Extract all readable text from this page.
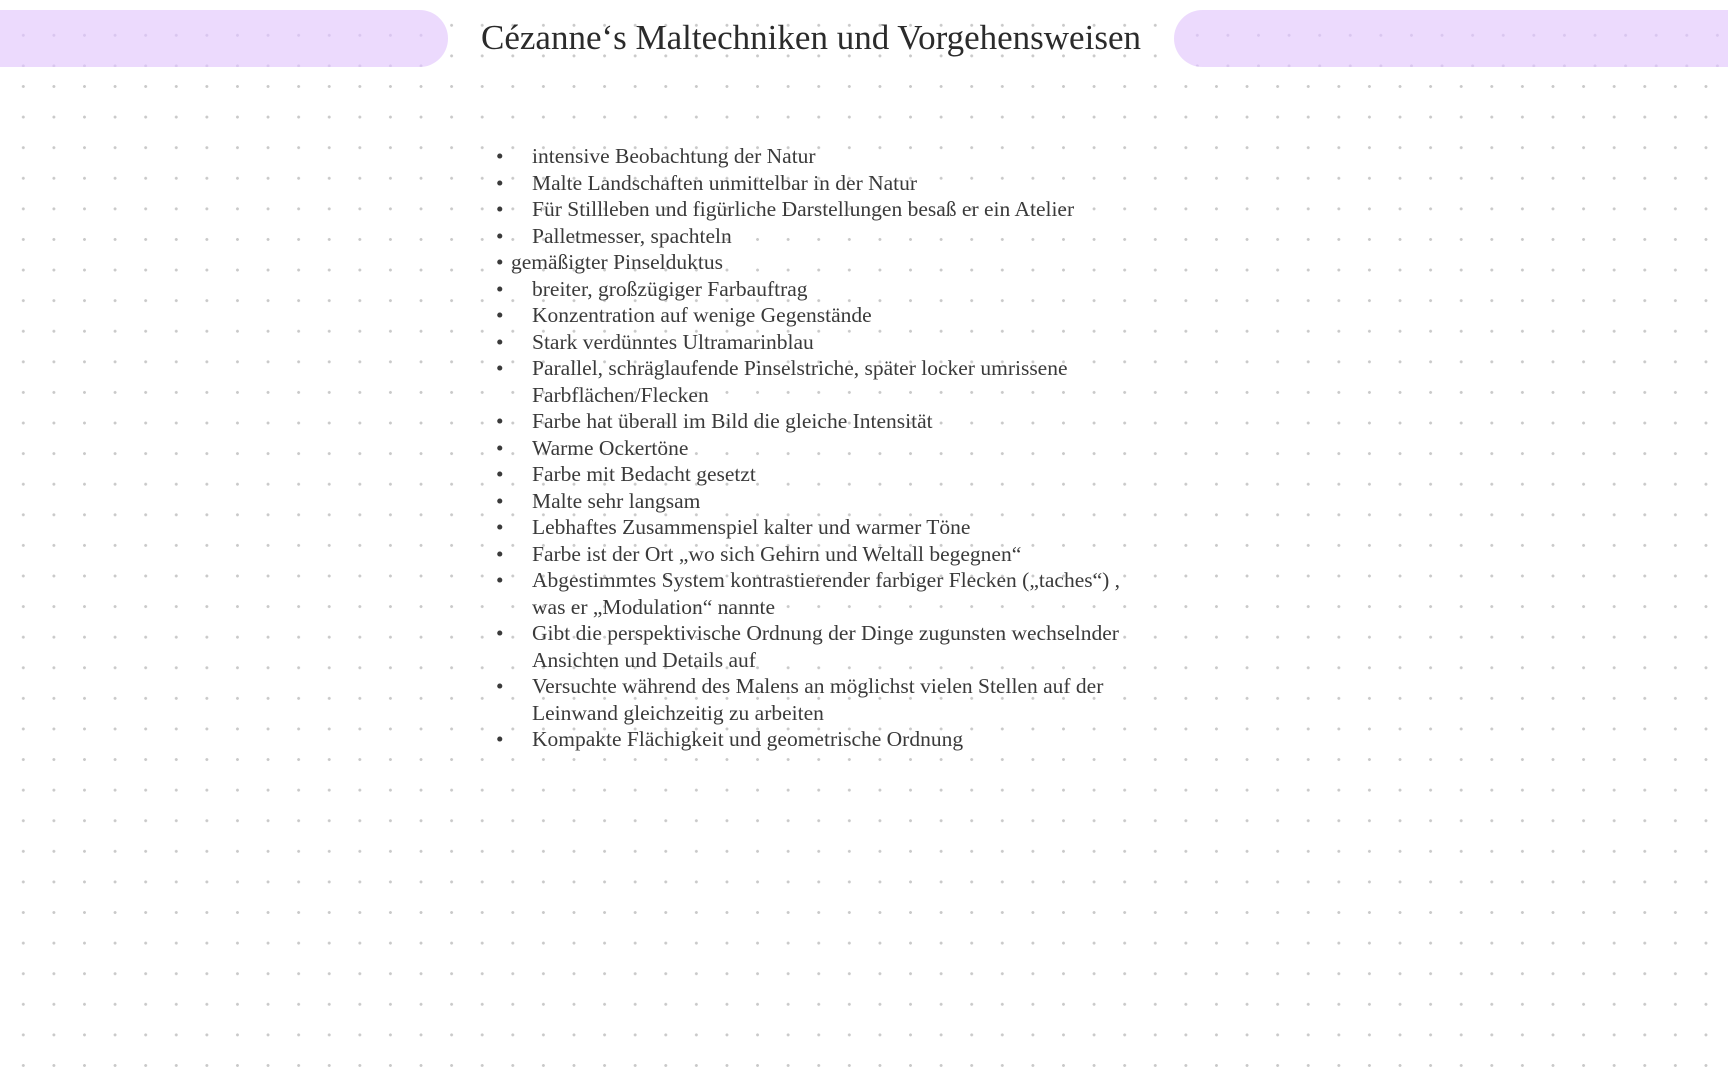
Cézanne‘s Maltechniken und Vorgehensweisen
•	intensive Beobachtung der Natur
•	Malte Landschaften unmittelbar in der Natur
•	Für Stillleben und figürliche Darstellungen besaß er ein Atelier
•	Palletmesser, spachteln
• gemäßigter Pinselduktus
•	breiter, großzügiger Farbauftrag
•	Konzentration auf wenige Gegenstände
•	Stark verdünntes Ultramarinblau
•	Parallel, schräglaufende Pinselstriche, später locker umrissene Farbflächen/Flecken
•	Farbe hat überall im Bild die gleiche Intensität
•	Warme Ockertöne
•	Farbe mit Bedacht gesetzt
•	Malte sehr langsam
•	Lebhaftes Zusammenspiel kalter und warmer Töne
•	Farbe ist der Ort „wo sich Gehirn und Weltall begegnen“
•	Abgestimmtes System kontrastierender farbiger Flecken („taches“) , was er „Modulation“ nannte
•	Gibt die perspektivische Ordnung der Dinge zugunsten wechselnder Ansichten und Details auf
•	Versuchte während des Malens an möglichst vielen Stellen auf der Leinwand gleichzeitig zu arbeiten
•	Kompakte Flächigkeit und geometrische Ordnung
